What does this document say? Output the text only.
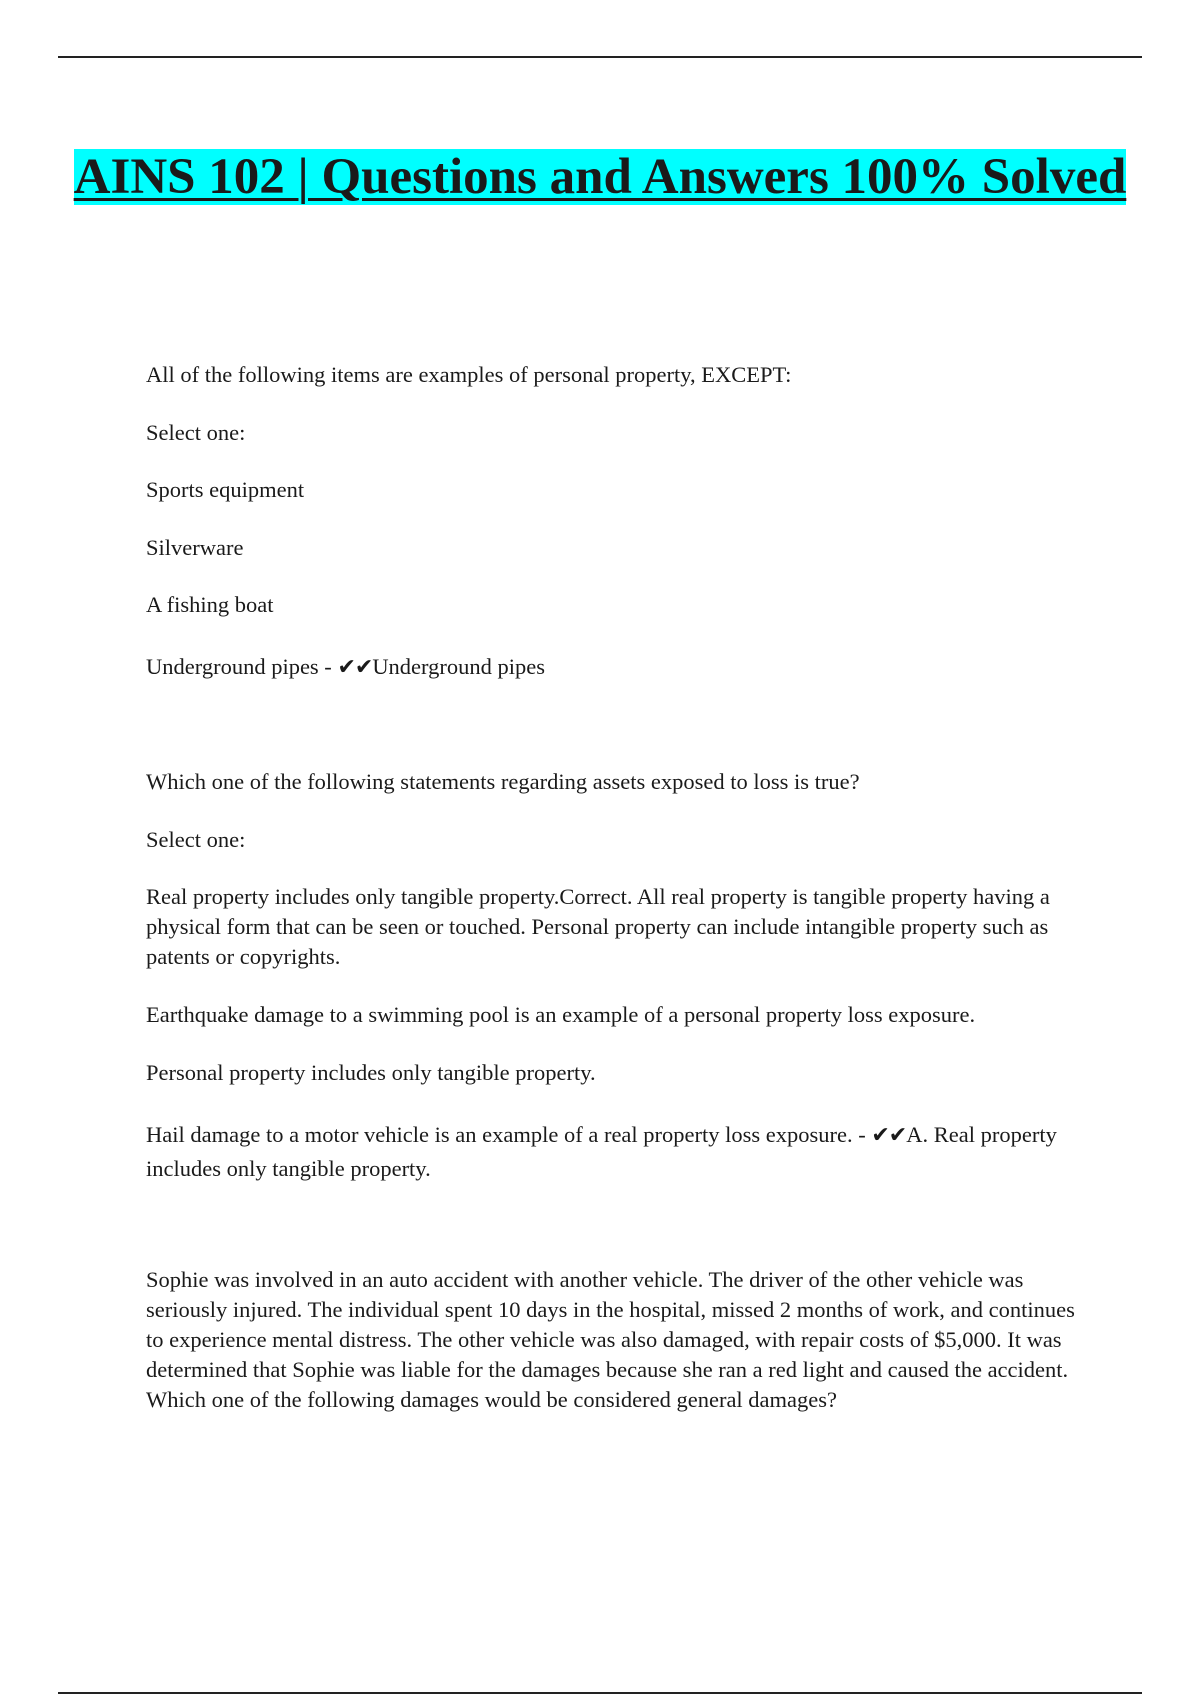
AINS 102 | Questions and Answers 100% Solved

All of the following items are examples of personal property, EXCEPT:

Select one:

Sports equipment

Silverware

A fishing boat

Underground pipes - ✔✔Underground pipes

Which one of the following statements regarding assets exposed to loss is true?

Select one:

Real property includes only tangible property.Correct. All real property is tangible property having a physical form that can be seen or touched. Personal property can include intangible property such as patents or copyrights.

Earthquake damage to a swimming pool is an example of a personal property loss exposure.

Personal property includes only tangible property.

Hail damage to a motor vehicle is an example of a real property loss exposure. - ✔✔A. Real property includes only tangible property.

Sophie was involved in an auto accident with another vehicle. The driver of the other vehicle was seriously injured. The individual spent 10 days in the hospital, missed 2 months of work, and continues to experience mental distress. The other vehicle was also damaged, with repair costs of $5,000. It was determined that Sophie was liable for the damages because she ran a red light and caused the accident. Which one of the following damages would be considered general damages?
